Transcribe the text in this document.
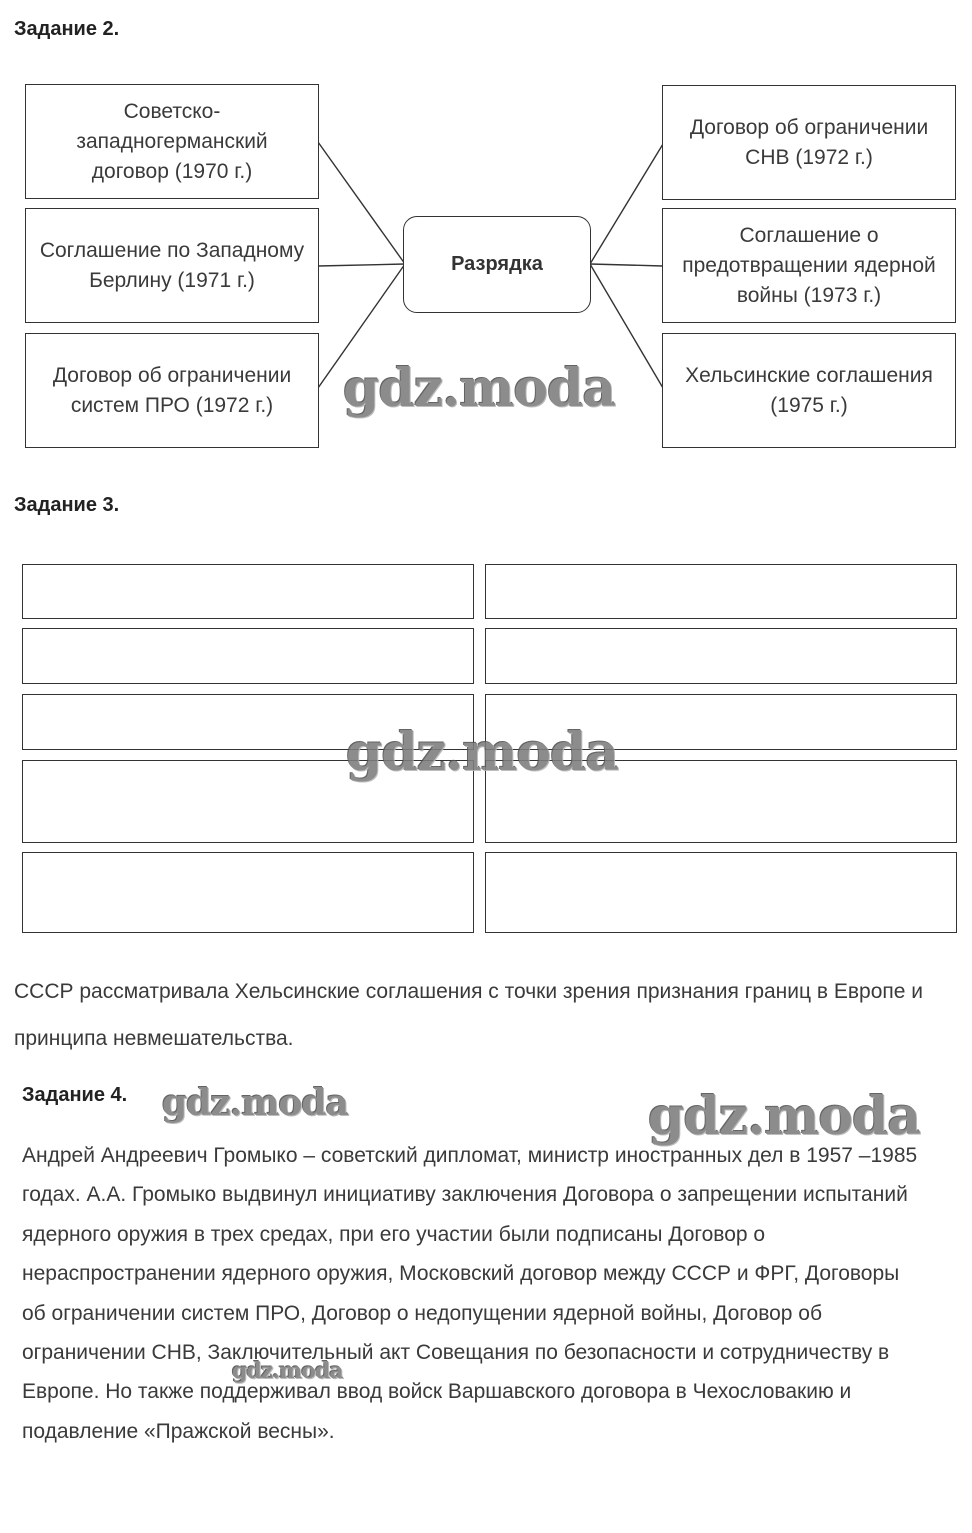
Задание 2.
Советско-западногерманский договор (1970 г.)
Соглашение по Западному Берлину (1971 г.)
Договор об ограничении систем ПРО (1972 г.)
Разрядка
Договор об ограничении СНВ (1972 г.)
Соглашение о предотвращении ядерной войны (1973 г.)
Хельсинские соглашения (1975 г.)
gdz.moda
Задание 3.
gdz.moda

СССР рассматривала Хельсинские соглашения с точки зрения признания границ в Европе и принципа невмешательства.

Задание 4. gdz.moda	gdz.moda

Андрей Андреевич Громыко – советский дипломат, министр иностранных дел в 1957 –1985 годах. А.А. Громыко выдвинул инициативу заключения Договора о запрещении испытаний ядерного оружия в трех средах, при его участии были подписаны Договор о нераспространении ядерного оружия, Московский договор между СССР и ФРГ, Договоры об ограничении систем ПРО, Договор о недопущении ядерной войны, Договор об ограничении СНВ, Заключительный акт Совещания по безопасности и сотрудничеству в Европе. Но также поддерживал ввод войск Варшавского договора в Чехословакию и подавление «Пражской весны».

gdz.moda
